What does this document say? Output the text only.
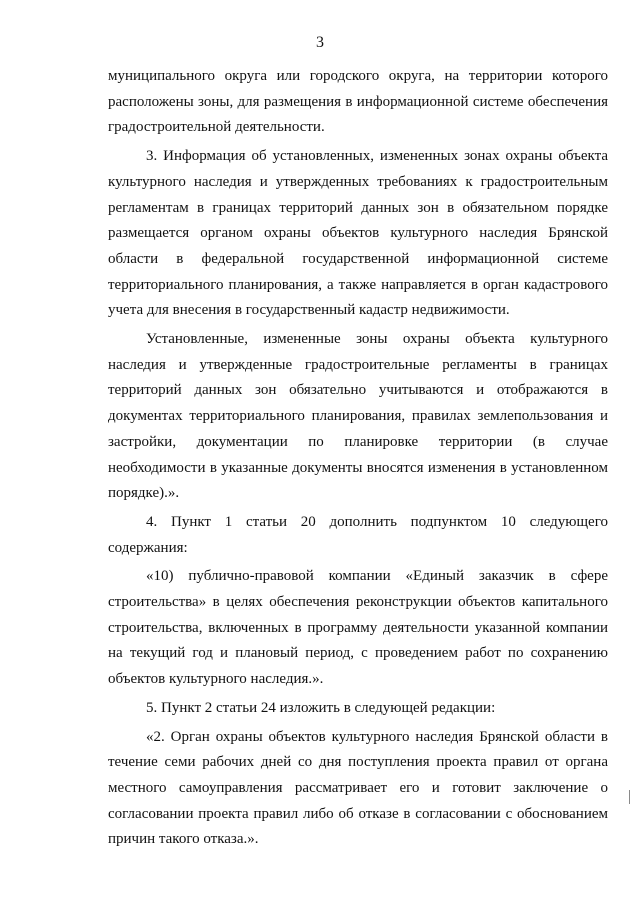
3

муниципального округа или городского округа, на территории которого расположены зоны, для размещения в информационной системе обеспечения градостроительной деятельности.

3. Информация об установленных, измененных зонах охраны объекта культурного наследия и утвержденных требованиях к градостроительным регламентам в границах территорий данных зон в обязательном порядке размещается органом охраны объектов культурного наследия Брянской области в федеральной государственной информационной системе территориального планирования, а также направляется в орган кадастрового учета для внесения в государственный кадастр недвижимости.

Установленные, измененные зоны охраны объекта культурного наследия и утвержденные градостроительные регламенты в границах территорий данных зон обязательно учитываются и отображаются в документах территориального планирования, правилах землепользования и застройки, документации по планировке территории (в случае необходимости в указанные документы вносятся изменения в установленном порядке).».

4. Пункт 1 статьи 20 дополнить подпунктом 10 следующего содержания:

«10) публично-правовой компании «Единый заказчик в сфере строительства» в целях обеспечения реконструкции объектов капитального строительства, включенных в программу деятельности указанной компании на текущий год и плановый период, с проведением работ по сохранению объектов культурного наследия.».

5. Пункт 2 статьи 24 изложить в следующей редакции:

«2. Орган охраны объектов культурного наследия Брянской области в течение семи рабочих дней со дня поступления проекта правил от органа местного самоуправления рассматривает его и готовит заключение о согласовании проекта правил либо об отказе в согласовании с обоснованием причин такого отказа.».
